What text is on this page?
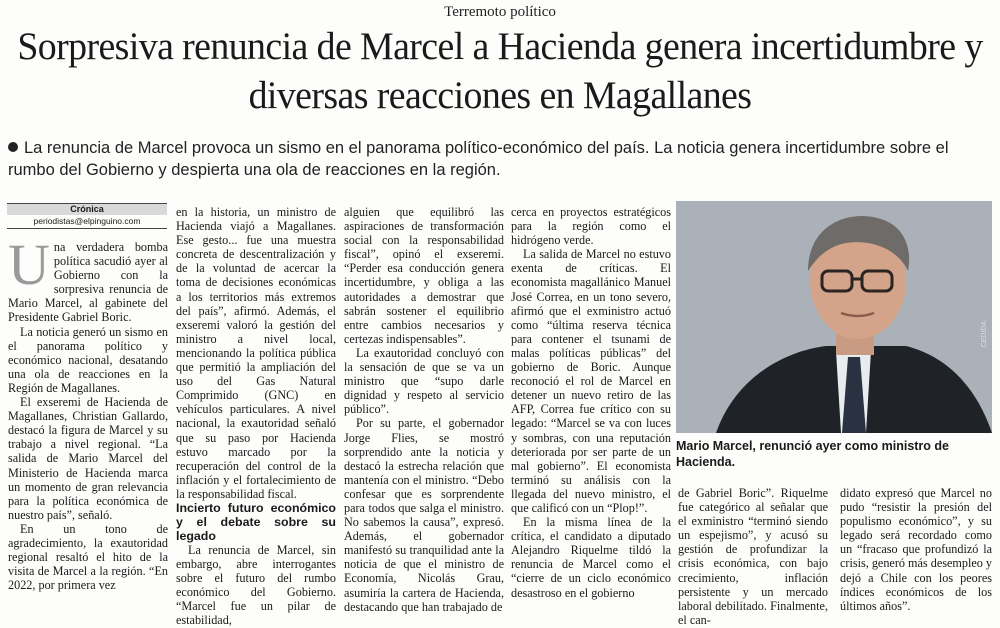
Terremoto político
Sorpresiva renuncia de Marcel a Hacienda genera incertidumbre y diversas reacciones en Magallanes
La renuncia de Marcel provoca un sismo en el panorama político-económico del país. La noticia genera incertidumbre sobre el rumbo del Gobierno y despierta una ola de reacciones en la región.
Crónica
periodistas@elpinguino.com

Una verdadera bomba política sacudió ayer al Gobierno con la sorpresiva renuncia de Mario Marcel, al gabinete del Presidente Gabriel Boric.

La noticia generó un sismo en el panorama político y económico nacional, desatando una ola de reacciones en la Región de Magallanes.

El exseremi de Hacienda de Magallanes, Christian Gallardo, destacó la figura de Marcel y su trabajo a nivel regional. “La salida de Mario Marcel del Ministerio de Hacienda marca un momento de gran relevancia para la política económica de nuestro país”, señaló.

En un tono de agradecimiento, la exautoridad regional resaltó el hito de la visita de Marcel a la región. “En 2022, por primera vez

en la historia, un ministro de Hacienda viajó a Magallanes. Ese gesto... fue una muestra concreta de descentralización y de la voluntad de acercar la toma de decisiones económicas a los territorios más extremos del país”, afirmó. Además, el exseremi valoró la gestión del ministro a nivel local, mencionando la política pública que permitió la ampliación del uso del Gas Natural Comprimido (GNC) en vehículos particulares. A nivel nacional, la exautoridad señaló que su paso por Hacienda estuvo marcado por la recuperación del control de la inflación y el fortalecimiento de la responsabilidad fiscal.

Incierto futuro económico y el debate sobre su legado

La renuncia de Marcel, sin embargo, abre interrogantes sobre el futuro del rumbo económico del Gobierno. “Marcel fue un pilar de estabilidad,

alguien que equilibró las aspiraciones de transformación social con la responsabilidad fiscal”, opinó el exseremi. “Perder esa conducción genera incertidumbre, y obliga a las autoridades a demostrar que sabrán sostener el equilibrio entre cambios necesarios y certezas indispensables”.

La exautoridad concluyó con la sensación de que se va un ministro que “supo darle dignidad y respeto al servicio público”.

Por su parte, el gobernador Jorge Flies, se mostró sorprendido ante la noticia y destacó la estrecha relación que mantenía con el ministro. “Debo confesar que es sorprendente para todos que salga el ministro. No sabemos la causa”, expresó. Además, el gobernador manifestó su tranquilidad ante la noticia de que el ministro de Economía, Nicolás Grau, asumiría la cartera de Hacienda, destacando que han trabajado de

cerca en proyectos estratégicos para la región como el hidrógeno verde.

La salida de Marcel no estuvo exenta de críticas. El economista magallánico Manuel José Correa, en un tono severo, afirmó que el exministro actuó como “última reserva técnica para contener el tsunami de malas políticas públicas” del gobierno de Boric. Aunque reconoció el rol de Marcel en detener un nuevo retiro de las AFP, Correa fue crítico con su legado: “Marcel se va con luces y sombras, con una reputación deteriorada por ser parte de un mal gobierno”. El economista terminó su análisis con la llegada del nuevo ministro, el que calificó con un “Plop!”.

En la misma línea de la crítica, el candidato a diputado Alejandro Riquelme tildó la renuncia de Marcel como el “cierre de un ciclo económico desastroso en el gobierno

CEDIDA
Mario Marcel, renunció ayer como ministro de Hacienda.

de Gabriel Boric”. Riquelme fue categórico al señalar que el exministro “terminó siendo un espejismo”, y acusó su gestión de profundizar la crisis económica, con bajo crecimiento, inflación persistente y un mercado laboral debilitado. Finalmente, el can-

didato expresó que Marcel no pudo “resistir la presión del populismo económico”, y su legado será recordado como un “fracaso que profundizó la crisis, generó más desempleo y dejó a Chile con los peores índices económicos de los últimos años”.
